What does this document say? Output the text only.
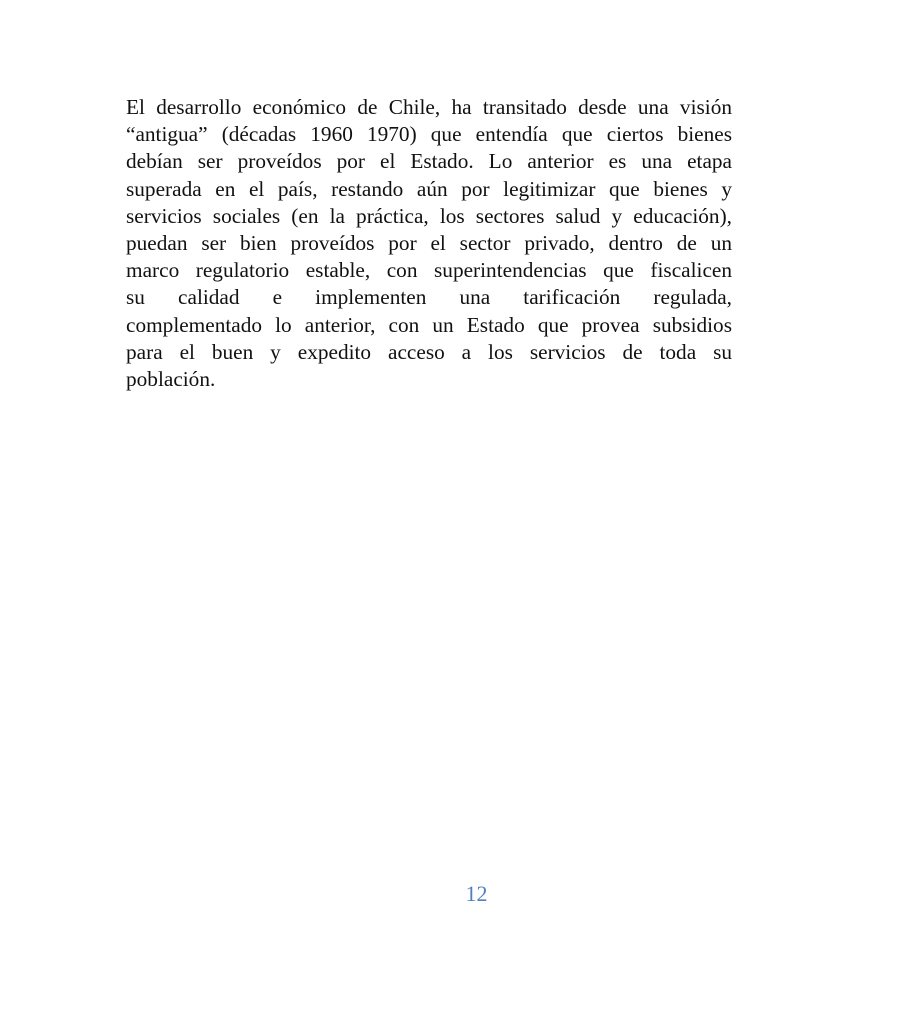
El desarrollo económico de Chile, ha transitado desde una visión
“antigua” (décadas 1960 1970) que entendía que ciertos bienes
debían ser proveídos por el Estado. Lo anterior es una etapa
superada en el país, restando aún por legitimizar que bienes y
servicios sociales (en la práctica, los sectores salud y educación),
puedan ser bien proveídos por el sector privado, dentro de un
marco regulatorio estable, con superintendencias que fiscalicen
su calidad e implementen una tarificación regulada,
complementado lo anterior, con un Estado que provea subsidios
para el buen y expedito acceso a los servicios de toda su
población.

12
